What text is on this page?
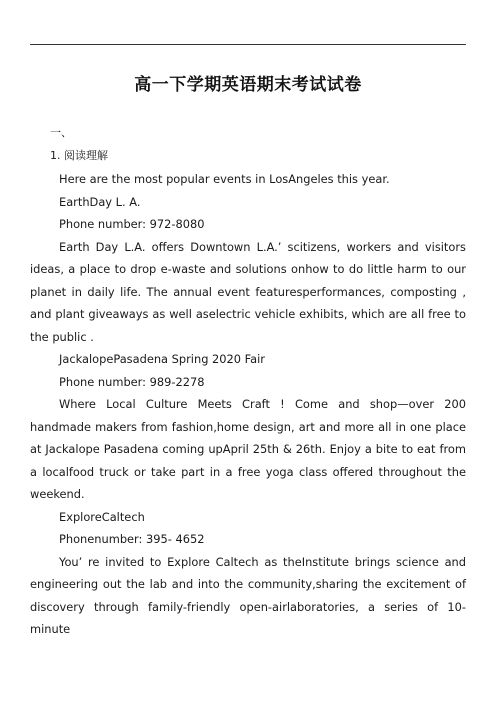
高一下学期英语期末考试试卷
一、
1. 阅读理解

Here are the most popular events in LosAngeles this year.

EarthDay L. A.

Phone number: 972-8080

Earth Day L.A. offers Downtown L.A.’ scitizens, workers and visitors ideas, a place to drop e-waste and solutions onhow to do little harm to our planet in daily life. The annual event featuresperformances, composting , and plant giveaways as well aselectric vehicle exhibits, which are all free to the public .

JackalopePasadena Spring 2020 Fair

Phone number: 989-2278

Where Local Culture Meets Craft ! Come and shop—over 200 handmade makers from fashion,home design, art and more all in one place at Jackalope Pasadena coming upApril 25th & 26th. Enjoy a bite to eat from a localfood truck or take part in a free yoga class offered throughout the weekend.

ExploreCaltech

Phonenumber: 395- 4652

You’ re invited to Explore Caltech as theInstitute brings science and engineering out the lab and into the community,sharing the excitement of discovery through family-friendly open-airlaboratories, a series of 10- minute
